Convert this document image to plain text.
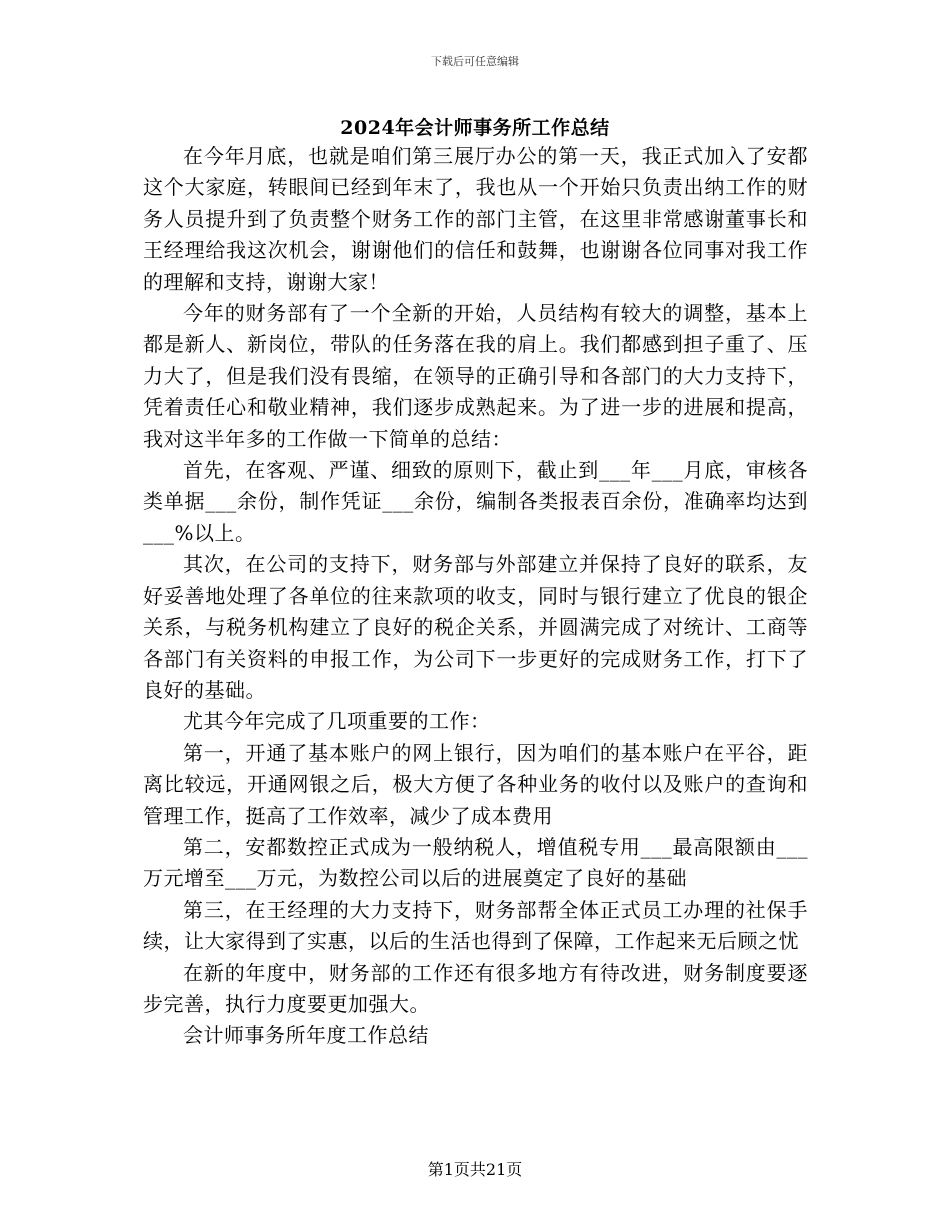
下载后可任意编辑
2024年会计师事务所工作总结

在今年月底，也就是咱们第三展厅办公的第一天，我正式加入了安都这个大家庭，转眼间已经到年末了，我也从一个开始只负责出纳工作的财务人员提升到了负责整个财务工作的部门主管，在这里非常感谢董事长和王经理给我这次机会，谢谢他们的信任和鼓舞，也谢谢各位同事对我工作的理解和支持，谢谢大家！

今年的财务部有了一个全新的开始，人员结构有较大的调整，基本上都是新人、新岗位，带队的任务落在我的肩上。我们都感到担子重了、压力大了，但是我们没有畏缩，在领导的正确引导和各部门的大力支持下，凭着责任心和敬业精神，我们逐步成熟起来。为了进一步的进展和提高，我对这半年多的工作做一下简单的总结：

首先，在客观、严谨、细致的原则下，截止到___年___月底，审核各类单据___余份，制作凭证___余份，编制各类报表百余份，准确率均达到___%以上。

其次，在公司的支持下，财务部与外部建立并保持了良好的联系，友好妥善地处理了各单位的往来款项的收支，同时与银行建立了优良的银企关系，与税务机构建立了良好的税企关系，并圆满完成了对统计、工商等各部门有关资料的申报工作，为公司下一步更好的完成财务工作，打下了良好的基础。

尤其今年完成了几项重要的工作：

第一，开通了基本账户的网上银行，因为咱们的基本账户在平谷，距离比较远，开通网银之后，极大方便了各种业务的收付以及账户的查询和管理工作，挺高了工作效率，减少了成本费用

第二，安都数控正式成为一般纳税人，增值税专用___最高限额由___万元增至___万元，为数控公司以后的进展奠定了良好的基础

第三，在王经理的大力支持下，财务部帮全体正式员工办理的社保手续，让大家得到了实惠，以后的生活也得到了保障，工作起来无后顾之忧

在新的年度中，财务部的工作还有很多地方有待改进，财务制度要逐步完善，执行力度要更加强大。

会计师事务所年度工作总结

第1页共21页
